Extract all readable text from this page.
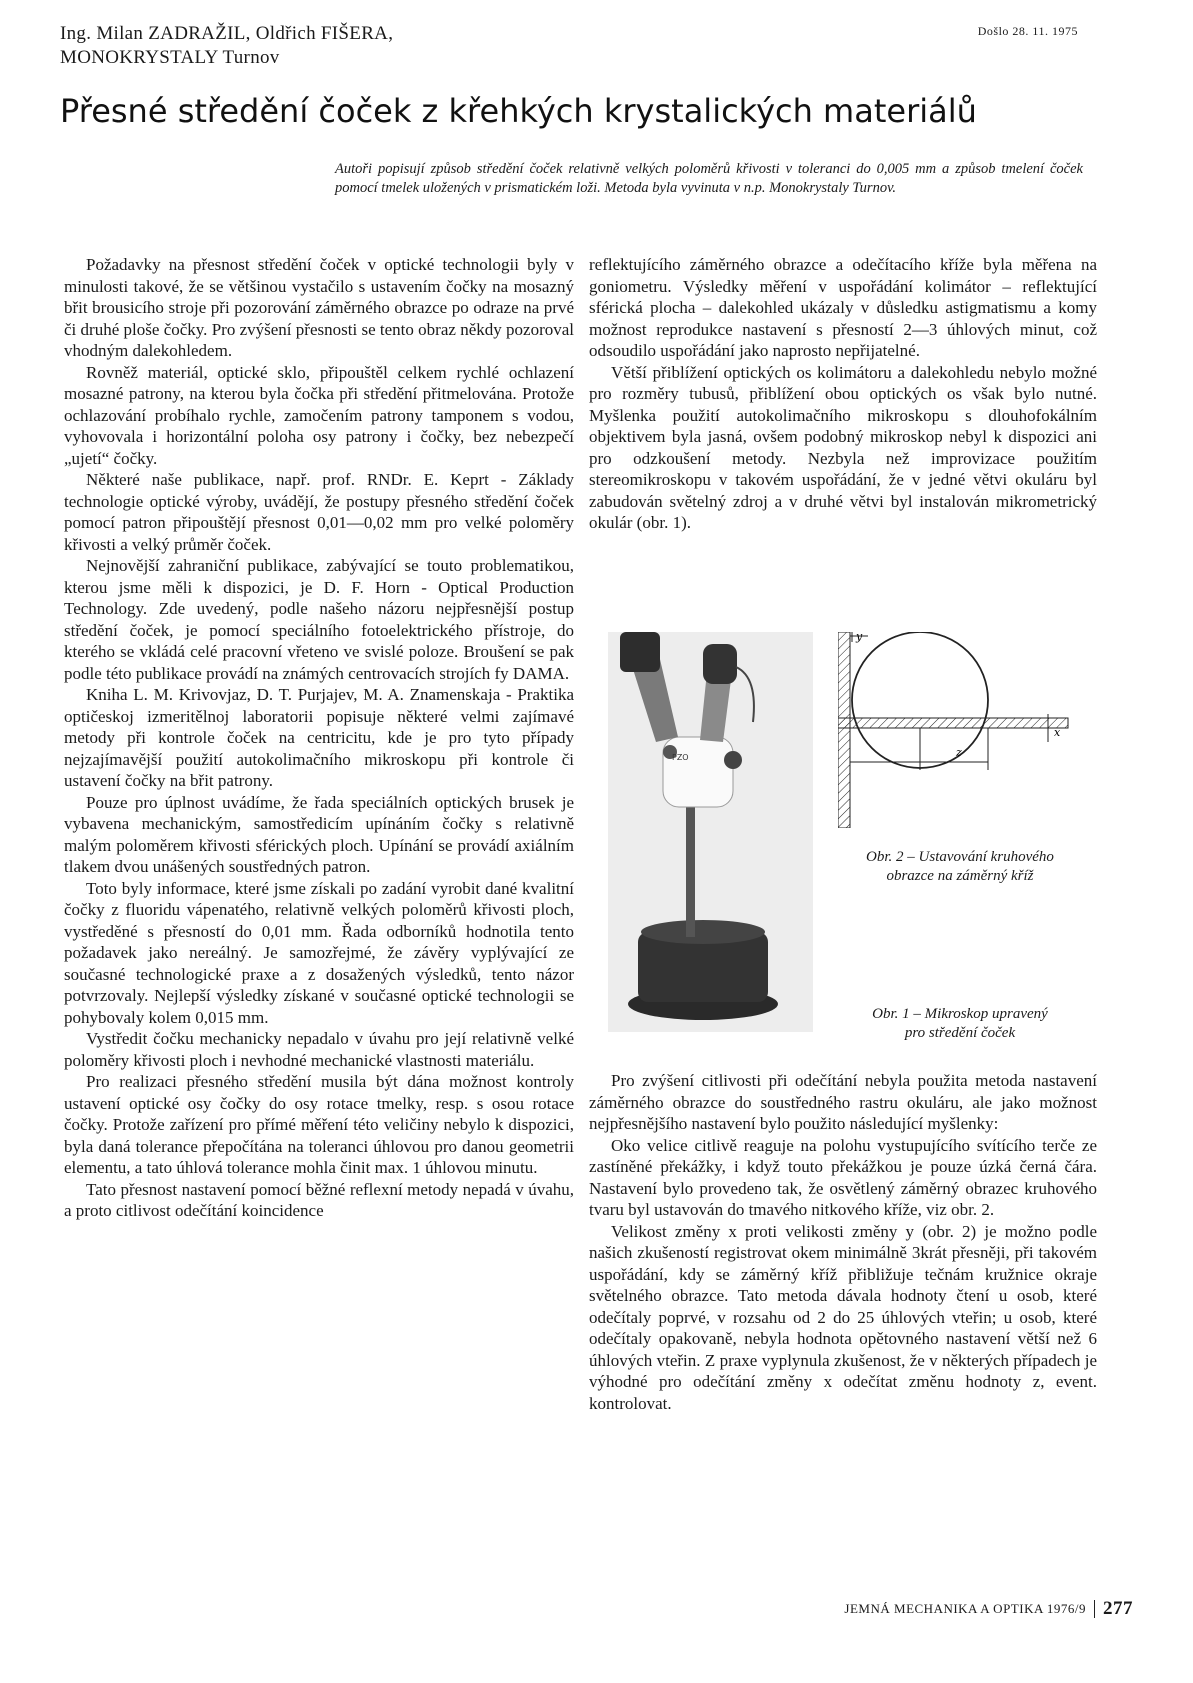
Ing. Milan ZADRAŽIL, Oldřich FIŠERA,
MONOKRYSTALY Turnov
Došlo 28. 11. 1975
Přesné středění čoček z křehkých krystalických materiálů
Autoři popisují způsob středění čoček relativně velkých poloměrů křivosti v toleranci do 0,005 mm a způsob tmelení čoček pomocí tmelek uložených v prismatickém loži. Metoda byla vyvinuta v n.p. Monokrystaly Turnov.

Požadavky na přesnost středění čoček v optické technologii byly v minulosti takové, že se většinou vystačilo s ustavením čočky na mosazný břit brousicího stroje při pozorování záměrného obrazce po odraze na prvé či druhé ploše čočky. Pro zvýšení přesnosti se tento obraz někdy pozoroval vhodným dalekohledem.

Rovněž materiál, optické sklo, připouštěl celkem rychlé ochlazení mosazné patrony, na kterou byla čočka při středění přitmelována. Protože ochlazování probíhalo rychle, zamočením patrony tamponem s vodou, vyhovovala i horizontální poloha osy patrony i čočky, bez nebezpečí „ujetí“ čočky.

Některé naše publikace, např. prof. RNDr. E. Keprt - Základy technologie optické výroby, uvádějí, že postupy přesného středění čoček pomocí patron připouštějí přesnost 0,01—0,02 mm pro velké poloměry křivosti a velký průměr čoček.

Nejnovější zahraniční publikace, zabývající se touto problematikou, kterou jsme měli k dispozici, je D. F. Horn - Optical Production Technology. Zde uvedený, podle našeho názoru nejpřesnější postup středění čoček, je pomocí speciálního fotoelektrického přístroje, do kterého se vkládá celé pracovní vřeteno ve svislé poloze. Broušení se pak podle této publikace provádí na známých centrovacích strojích fy DAMA.

Kniha L. M. Krivovjaz, D. T. Purjajev, M. A. Znamenskaja - Praktika optičeskoj izmeritělnoj laboratorii popisuje některé velmi zajímavé metody při kontrole čoček na centricitu, kde je pro tyto případy nejzajímavější použití autokolimačního mikroskopu při kontrole či ustavení čočky na břit patrony.

Pouze pro úplnost uvádíme, že řada speciálních optických brusek je vybavena mechanickým, samostředicím upínáním čočky s relativně malým poloměrem křivosti sférických ploch. Upínání se provádí axiálním tlakem dvou unášených soustředných patron.

Toto byly informace, které jsme získali po zadání vyrobit dané kvalitní čočky z fluoridu vápenatého, relativně velkých poloměrů křivosti ploch, vystředěné s přesností do 0,01 mm. Řada odborníků hodnotila tento požadavek jako nereálný. Je samozřejmé, že závěry vyplývající ze současné technologické praxe a z dosažených výsledků, tento názor potvrzovaly. Nejlepší výsledky získané v současné optické technologii se pohybovaly kolem 0,015 mm.

Vystředit čočku mechanicky nepadalo v úvahu pro její relativně velké poloměry křivosti ploch i nevhodné mechanické vlastnosti materiálu.

Pro realizaci přesného středění musila být dána možnost kontroly ustavení optické osy čočky do osy rotace tmelky, resp. s osou rotace čočky. Protože zařízení pro přímé měření této veličiny nebylo k dispozici, byla daná tolerance přepočítána na toleranci úhlovou pro danou geometrii elementu, a tato úhlová tolerance mohla činit max. 1 úhlovou minutu.

Tato přesnost nastavení pomocí běžné reflexní metody nepadá v úvahu, a proto citlivost odečítání koincidence

reflektujícího záměrného obrazce a odečítacího kříže byla měřena na goniometru. Výsledky měření v uspořádání kolimátor – reflektující sférická plocha – dalekohled ukázaly v důsledku astigmatismu a komy možnost reprodukce nastavení s přesností 2—3 úhlových minut, což odsoudilo uspořádání jako naprosto nepřijatelné.

Větší přiblížení optických os kolimátoru a dalekohledu nebylo možné pro rozměry tubusů, přiblížení obou optických os však bylo nutné. Myšlenka použití autokolimačního mikroskopu s dlouhofokálním objektivem byla jasná, ovšem podobný mikroskop nebyl k dispozici ani pro odzkoušení metody. Nezbyla než improvizace použitím stereomikroskopu v takovém uspořádání, že v jedné větvi okuláru byl zabudován světelný zdroj a v druhé větvi byl instalován mikrometrický okulár (obr. 1).

PZO
y
z
x
Obr. 2 – Ustavování kruhového
obrazce na záměrný kříž
Obr. 1 – Mikroskop upravený
pro středění čoček

Pro zvýšení citlivosti při odečítání nebyla použita metoda nastavení záměrného obrazce do soustředného rastru okuláru, ale jako možnost nejpřesnějšího nastavení bylo použito následující myšlenky:

Oko velice citlivě reaguje na polohu vystupujícího svítícího terče ze zastíněné překážky, i když touto překážkou je pouze úzká černá čára. Nastavení bylo provedeno tak, že osvětlený záměrný obrazec kruhového tvaru byl ustavován do tmavého nitkového kříže, viz obr. 2.

Velikost změny x proti velikosti změny y (obr. 2) je možno podle našich zkušeností registrovat okem minimálně 3krát přesněji, při takovém uspořádání, kdy se záměrný kříž přibližuje tečnám kružnice okraje světelného obrazce. Tato metoda dávala hodnoty čtení u osob, které odečítaly poprvé, v rozsahu od 2 do 25 úhlových vteřin; u osob, které odečítaly opakovaně, nebyla hodnota opětovného nastavení větší než 6 úhlových vteřin. Z praxe vyplynula zkušenost, že v některých případech je výhodné pro odečítání změny x odečítat změnu hodnoty z, event. kontrolovat.

JEMNÁ MECHANIKA A OPTIKA 1976/9 277
